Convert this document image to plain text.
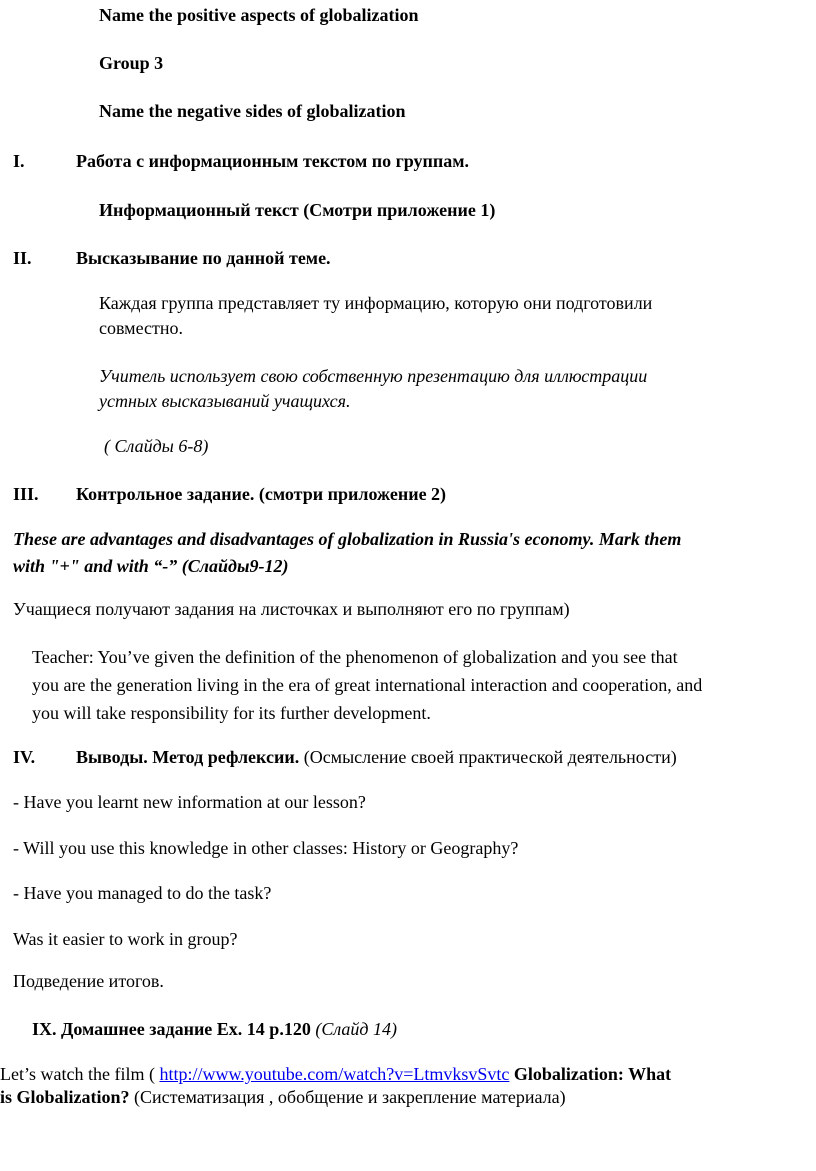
Name the positive aspects of globalization
Group 3
Name the negative sides of globalization
I.	Работа с информационным текстом по группам.
Информационный текст (Смотри приложение 1)
II. Высказывание по данной теме.
Каждая группа представляет ту информацию, которую они подготовили
совместно.
Учитель использует свою собственную презентацию для иллюстрации
устных высказываний учащихся.
( Слайды 6-8)
III. Контрольное задание. (смотри приложение 2)
These are advantages and disadvantages of globalization in Russia's economy. Mark them
with "+" and with “-” (Слайды9-12)
Учащиеся получают задания на листочках и выполняют его по группам)
Teacher: You’ve given the definition of the phenomenon of globalization and you see that
you are the generation living in the era of great international interaction and cooperation, and
you will take responsibility for its further development.
IV. Выводы. Метод рефлексии. (Осмысление своей практической деятельности)
- Have you learnt new information at our lesson?
- Will you use this knowledge in other classes: History or Geography?
- Have you managed to do the task?
Was it easier to work in group?
Подведение итогов.
IX. Домашнее задание Ex. 14 p.120 (Слайд 14)
Let’s watch the film ( http://www.youtube.com/watch?v=LtmvksvSvtc Globalization: What
is Globalization? (Систематизация , обобщение и закрепление материала)
